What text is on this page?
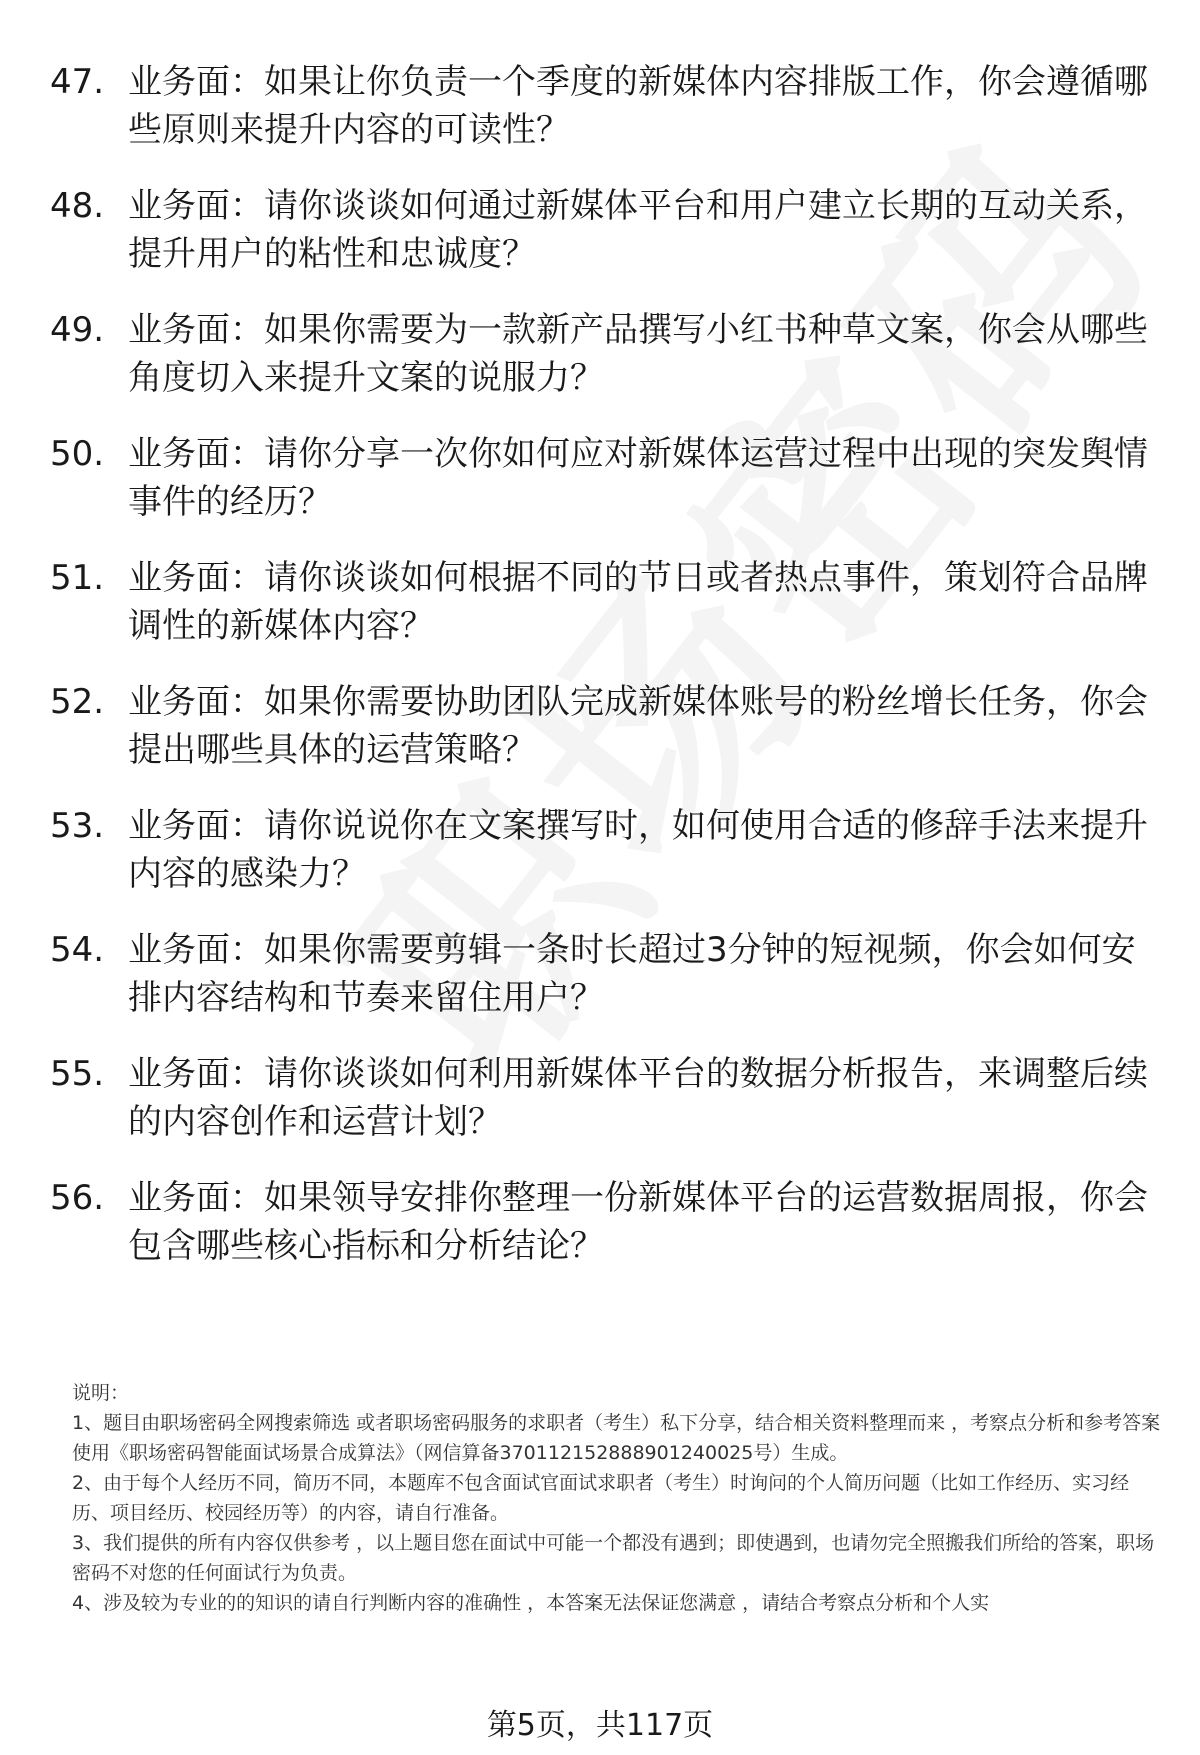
47. 业务面：如果让你负责一个季度的新媒体内容排版工作，你会遵循哪些原则来提升内容的可读性？
48. 业务面：请你谈谈如何通过新媒体平台和用户建立长期的互动关系，提升用户的粘性和忠诚度？
49. 业务面：如果你需要为一款新产品撰写小红书种草文案，你会从哪些角度切入来提升文案的说服力？
50. 业务面：请你分享一次你如何应对新媒体运营过程中出现的突发舆情事件的经历？
51. 业务面：请你谈谈如何根据不同的节日或者热点事件，策划符合品牌调性的新媒体内容？
52. 业务面：如果你需要协助团队完成新媒体账号的粉丝增长任务，你会提出哪些具体的运营策略？
53. 业务面：请你说说你在文案撰写时，如何使用合适的修辞手法来提升内容的感染力？
54. 业务面：如果你需要剪辑一条时长超过3分钟的短视频，你会如何安排内容结构和节奏来留住用户？
55. 业务面：请你谈谈如何利用新媒体平台的数据分析报告，来调整后续的内容创作和运营计划？
56. 业务面：如果领导安排你整理一份新媒体平台的运营数据周报，你会包含哪些核心指标和分析结论？

说明：

1、题目由职场密码全网搜索筛选 或者职场密码服务的求职者（考生）私下分享，结合相关资料整理而来 ，考察点分析和参考答案使用《职场密码智能面试场景合成算法》（网信算备370112152888901240025号）生成。

2、由于每个人经历不同，简历不同，本题库不包含面试官面试求职者（考生）时询问的个人简历问题（比如工作经历、实习经历、项目经历、校园经历等）的内容，请自行准备。

3、我们提供的所有内容仅供参考 ，以上题目您在面试中可能一个都没有遇到；即使遇到，也请勿完全照搬我们所给的答案，职场密码不对您的任何面试行为负责。

4、涉及较为专业的的知识的请自行判断内容的准确性 ，本答案无法保证您满意 ，请结合考察点分析和个人实

第5页，共117页
